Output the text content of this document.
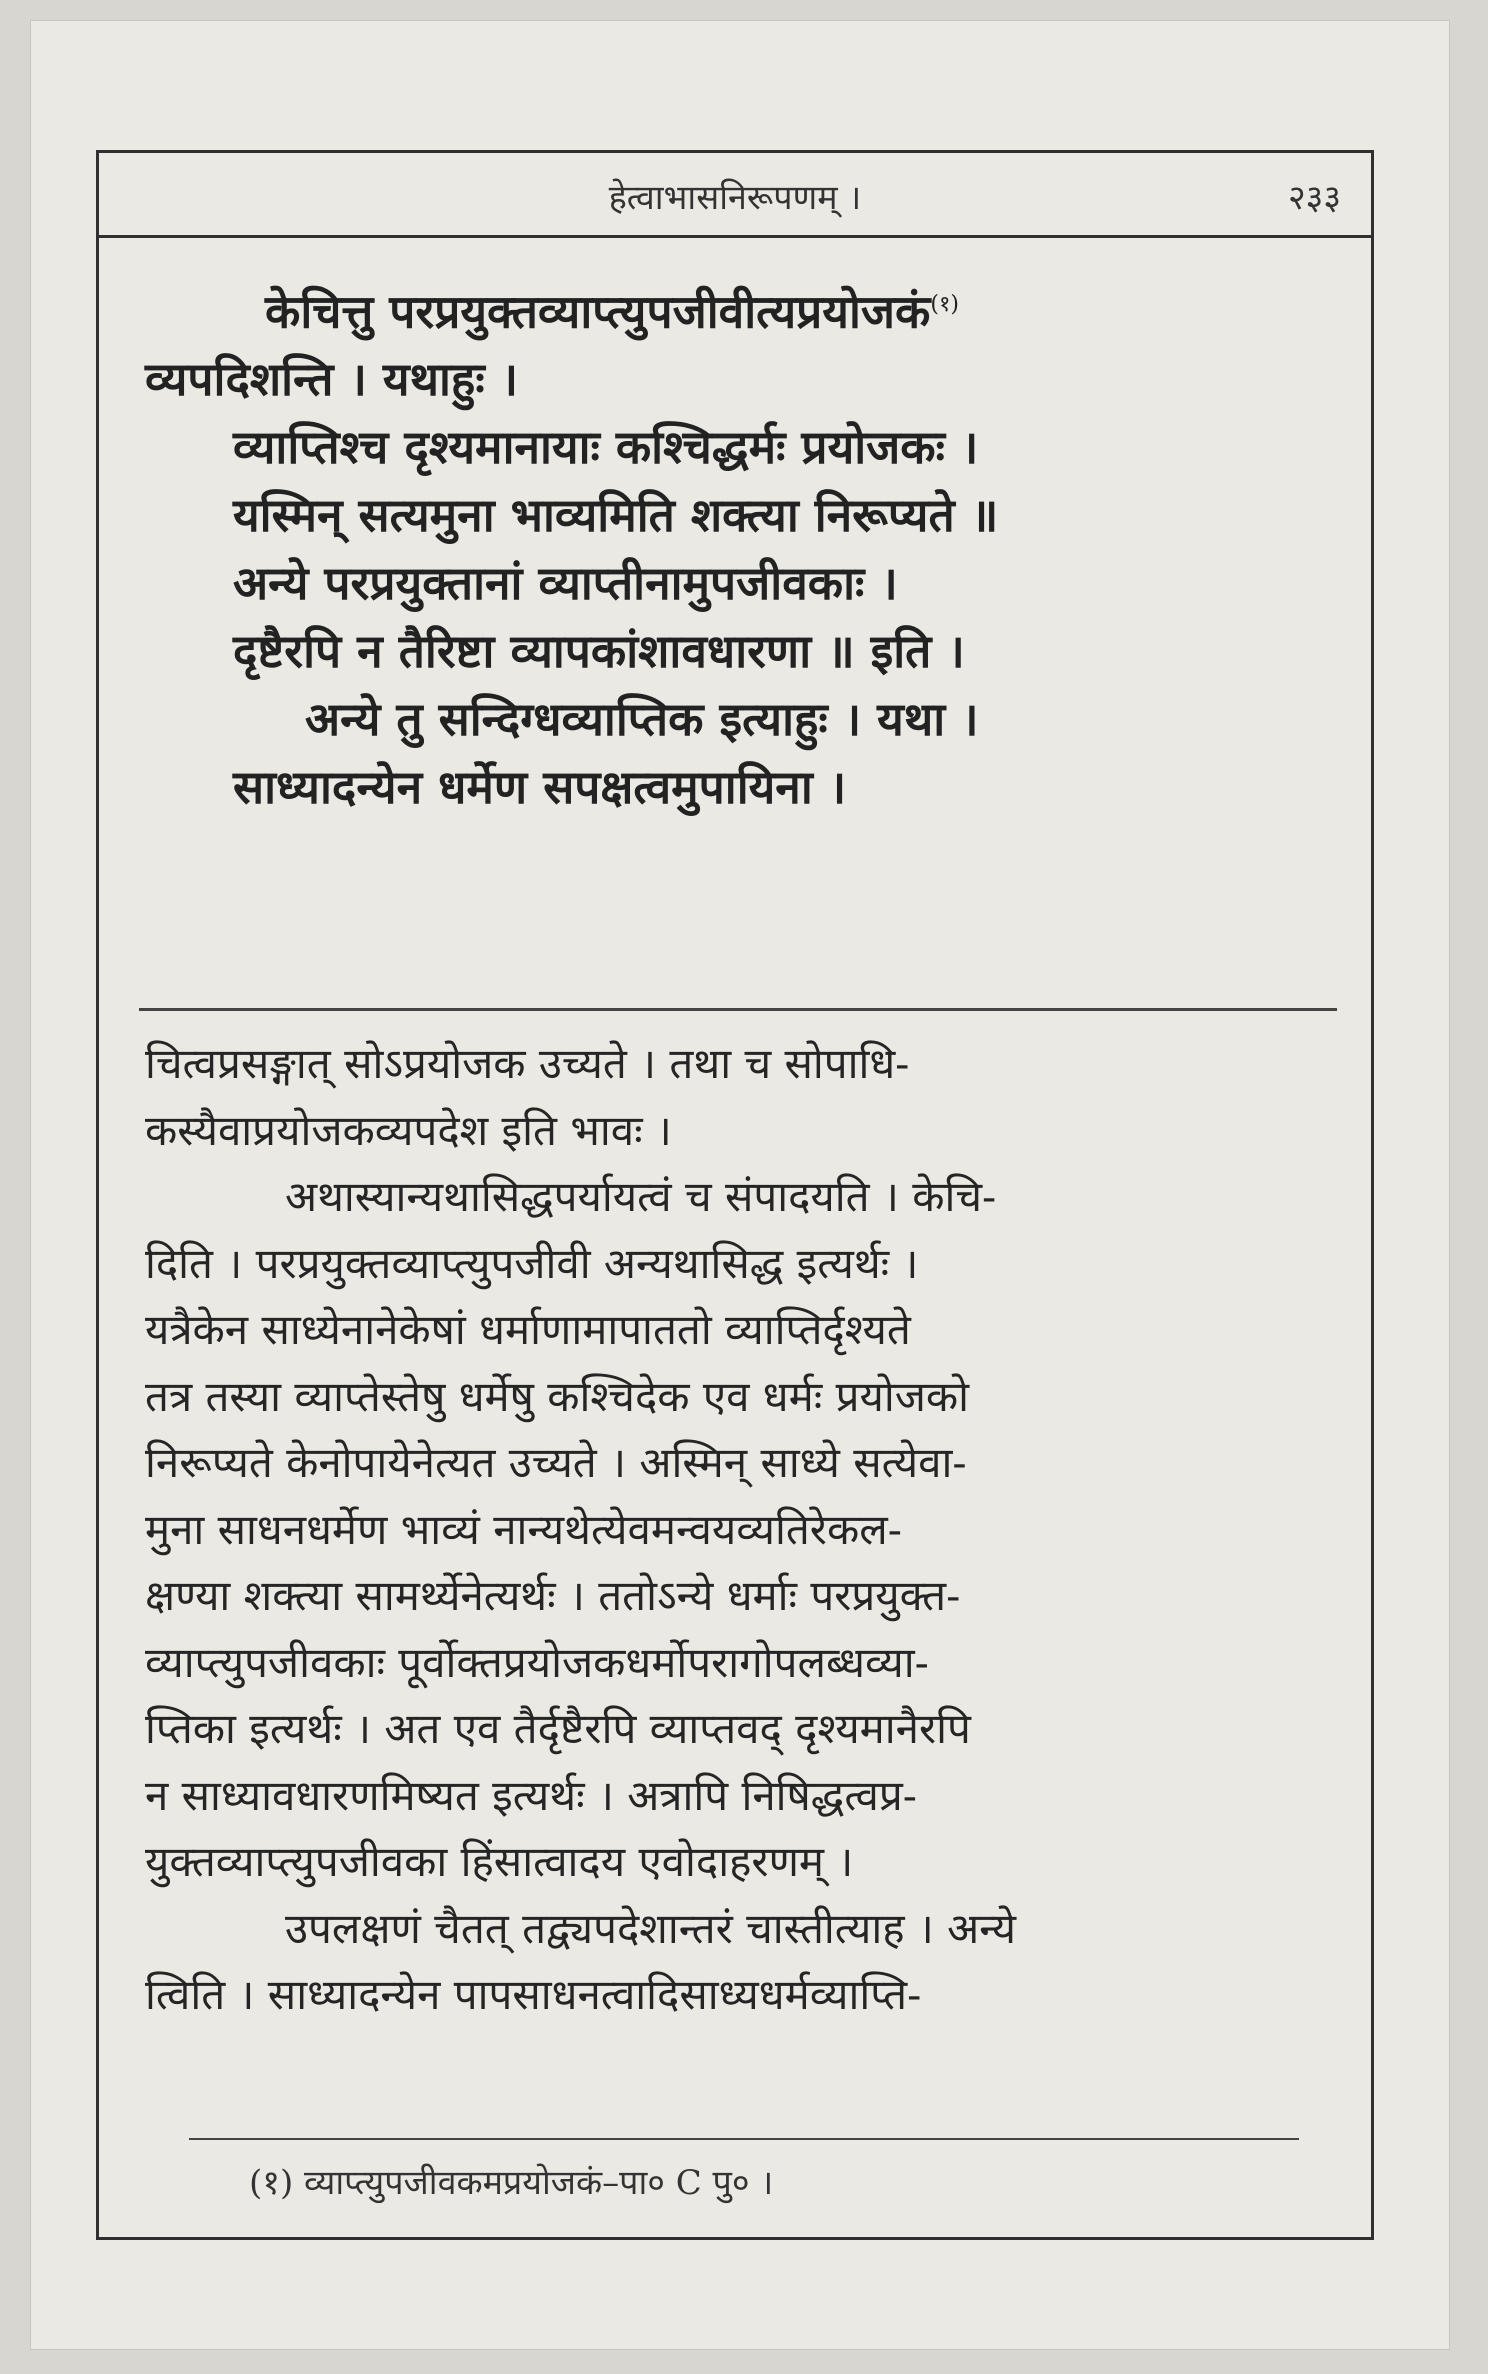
हेत्वाभासनिरूपणम् ।	२३३
केचित्तु परप्रयुक्तव्याप्त्युपजीवीत्यप्रयोजकं$^{(१)}$
व्यपदिशन्ति । यथाहुः ।
व्याप्तिश्च दृश्यमानायाः कश्चिद्धर्मः प्रयोजकः ।
यस्मिन् सत्यमुना भाव्यमिति शक्त्या निरूप्यते ॥
अन्ये परप्रयुक्तानां व्याप्तीनामुपजीवकाः ।
दृष्टैरपि न तैरिष्टा व्यापकांशावधारणा ॥ इति ।
अन्ये तु सन्दिग्धव्याप्तिक इत्याहुः । यथा ।
साध्यादन्येन धर्मेण सपक्षत्वमुपायिना ।
चित्वप्रसङ्गात् सोऽप्रयोजक उच्यते । तथा च सोपाधि-
कस्यैवाप्रयोजकव्यपदेश इति भावः ।
अथास्यान्यथासिद्धपर्यायत्वं च संपादयति । केचि-
दिति । परप्रयुक्तव्याप्त्युपजीवी अन्यथासिद्ध इत्यर्थः ।
यत्रैकेन साध्येनानेकेषां धर्माणामापाततो व्याप्तिर्दृश्यते
तत्र तस्या व्याप्तेस्तेषु धर्मेषु कश्चिदेक एव धर्मः प्रयोजको
निरूप्यते केनोपायेनेत्यत उच्यते । अस्मिन् साध्ये सत्येवा-
मुना साधनधर्मेण भाव्यं नान्यथेत्येवमन्वयव्यतिरेकल-
क्षण्या शक्त्या सामर्थ्येनेत्यर्थः । ततोऽन्ये धर्माः परप्रयुक्त-
व्याप्त्युपजीवकाः पूर्वोक्तप्रयोजकधर्मोपरागोपलब्धव्या-
प्तिका इत्यर्थः । अत एव तैर्दृष्टैरपि व्याप्तवद् दृश्यमानैरपि
न साध्यावधारणमिष्यत इत्यर्थः । अत्रापि निषिद्धत्वप्र-
युक्तव्याप्त्युपजीवका हिंसात्वादय एवोदाहरणम् ।
उपलक्षणं चैतत् तद्व्यपदेशान्तरं चास्तीत्याह । अन्ये
त्विति । साध्यादन्येन पापसाधनत्वादिसाध्यधर्मव्याप्ति-
(१) व्याप्त्युपजीवकमप्रयोजकं–पा० C पु० ।
